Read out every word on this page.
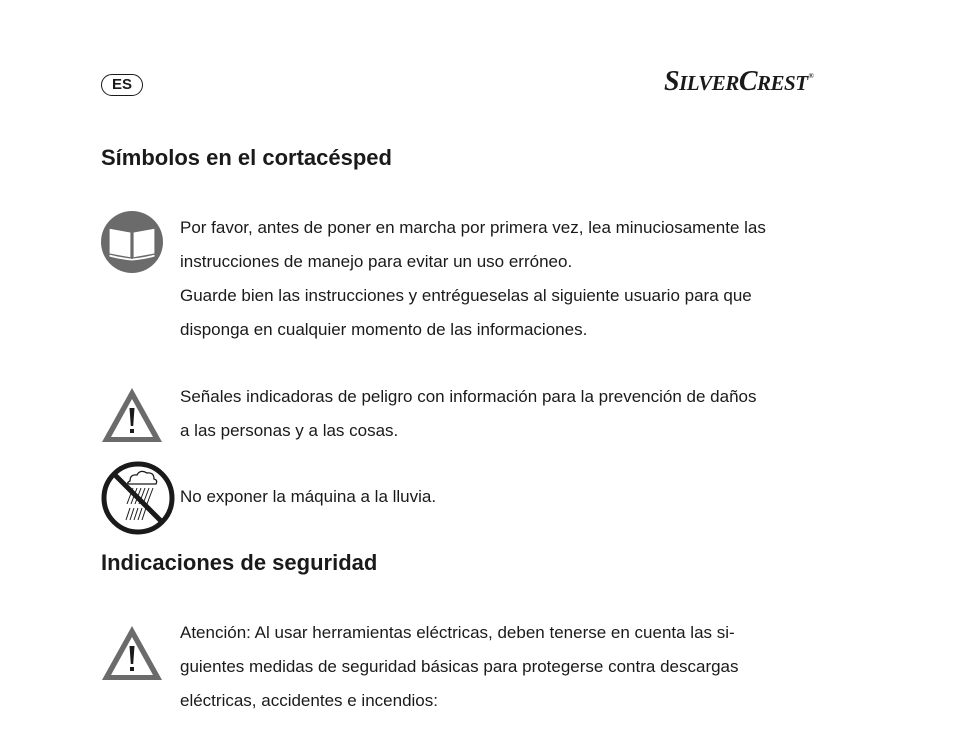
ES	SILVERCREST®
Símbolos en el cortacésped
Por favor, antes de poner en marcha por primera vez, lea minuciosamente las
instrucciones de manejo para evitar un uso erróneo.
Guarde bien las instrucciones y entrégueselas al siguiente usuario para que
disponga en cualquier momento de las informaciones.
Señales indicadoras de peligro con información para la prevención de daños
a las personas y a las cosas.
No exponer la máquina a la lluvia.
Indicaciones de seguridad
Atención: Al usar herramientas eléctricas, deben tenerse en cuenta las si-
guientes medidas de seguridad básicas para protegerse contra descargas
eléctricas, accidentes e incendios:
